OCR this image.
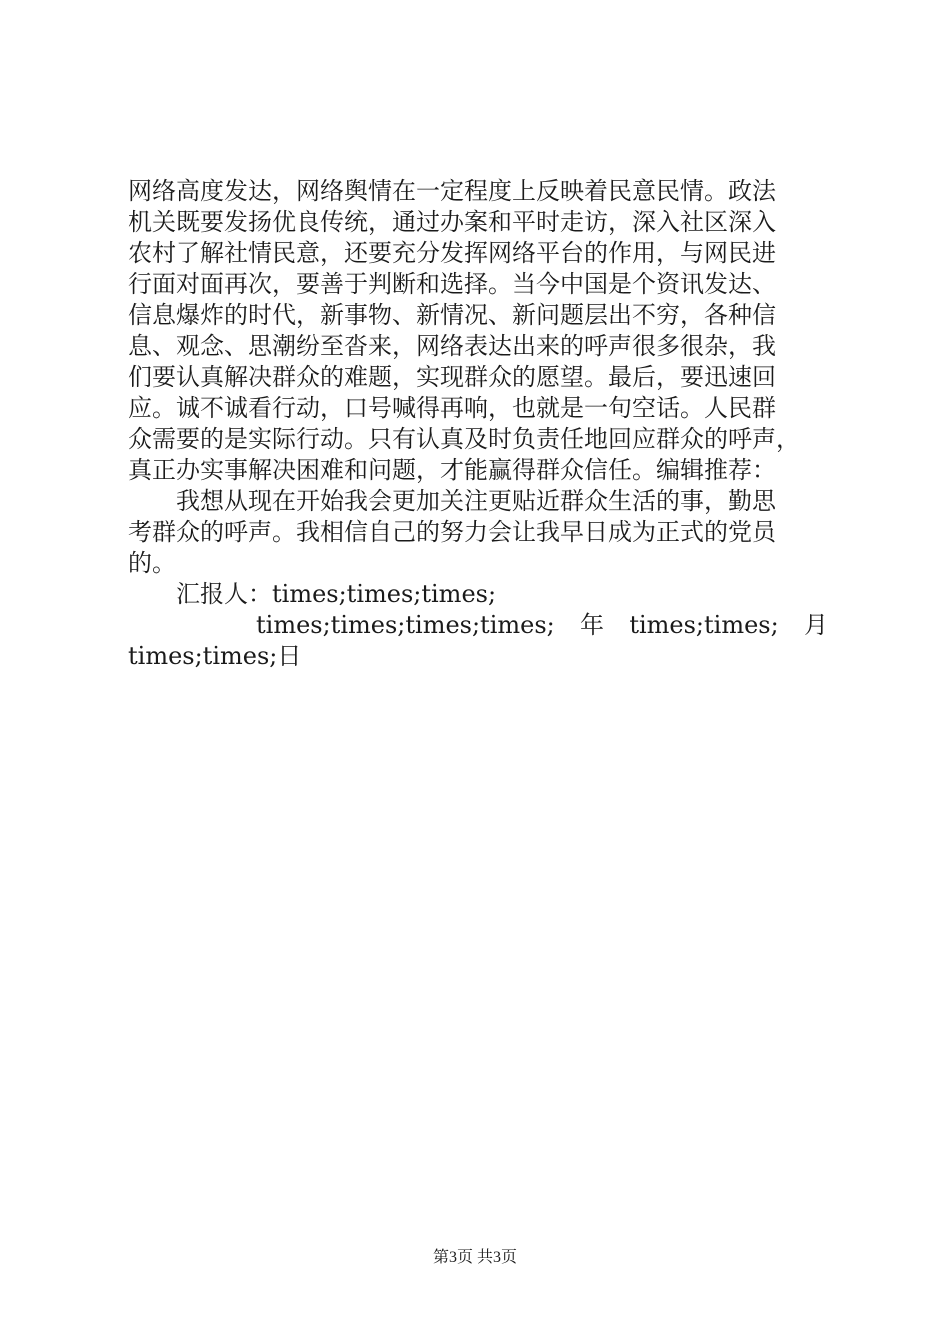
网络高度发达，网络舆情在一定程度上反映着民意民情。政法
机关既要发扬优良传统，通过办案和平时走访，深入社区深入
农村了解社情民意，还要充分发挥网络平台的作用，与网民进
行面对面再次，要善于判断和选择。当今中国是个资讯发达、
信息爆炸的时代，新事物、新情况、新问题层出不穷，各种信
息、观念、思潮纷至沓来，网络表达出来的呼声很多很杂，我
们要认真解决群众的难题，实现群众的愿望。最后，要迅速回
应。诚不诚看行动，口号喊得再响，也就是一句空话。人民群
众需要的是实际行动。只有认真及时负责任地回应群众的呼声，
真正办实事解决困难和问题，才能赢得群众信任。编辑推荐：
我想从现在开始我会更加关注更贴近群众生活的事，勤思
考群众的呼声。我相信自己的努力会让我早日成为正式的党员
的。
汇报人：times;times;times;
times;times;times;times; 年 times;times; 月
times;times;日
第3页 共3页
